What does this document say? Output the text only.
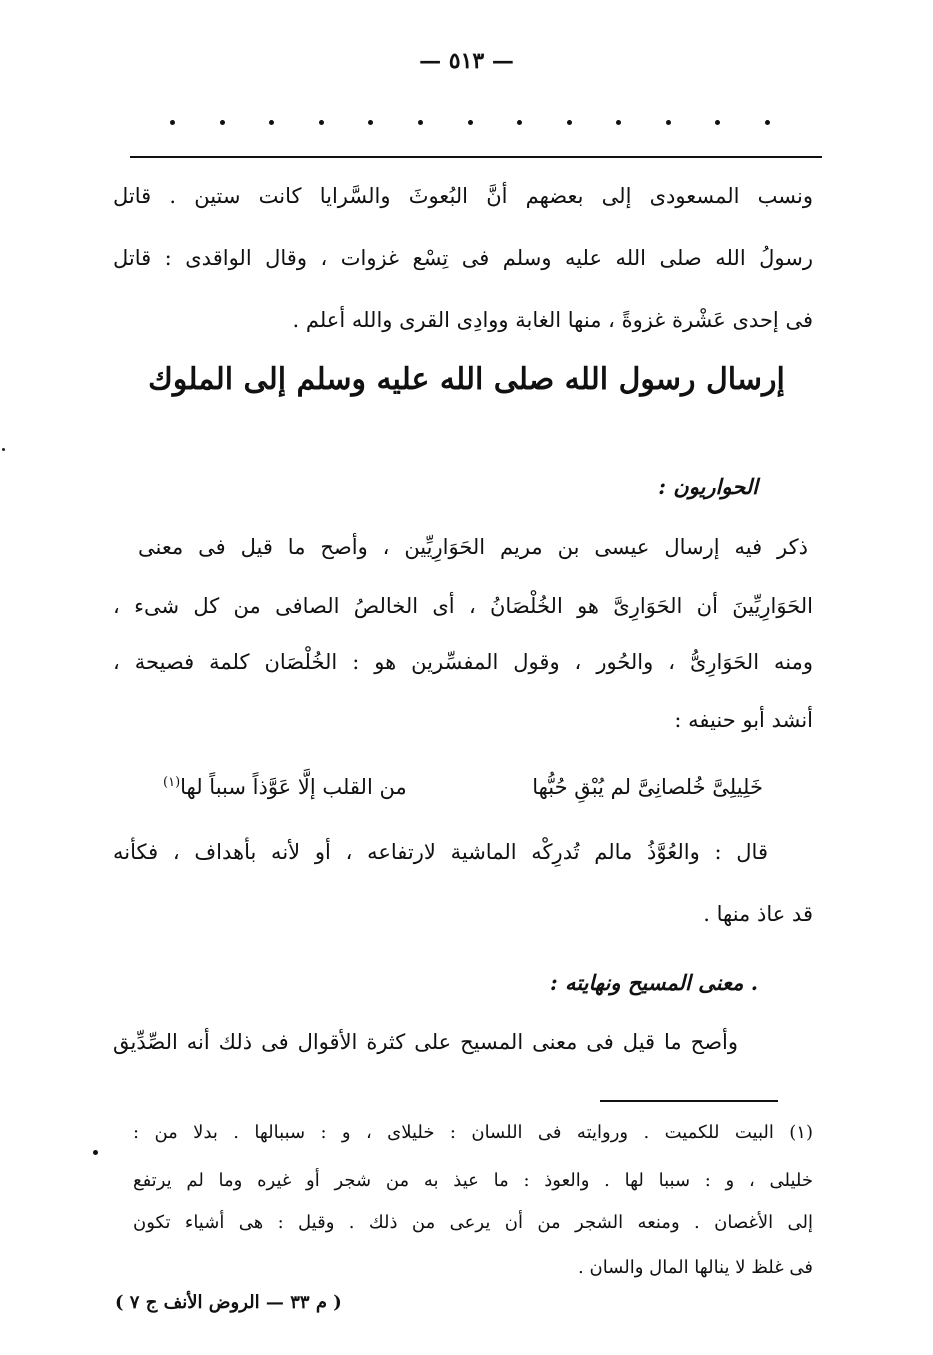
— ٥١٣ —
ونسب المسعودى إلى بعضهم أنَّ البُعوثَ والسَّرايا كانت ستين . قاتل
رسولُ الله صلى الله عليه وسلم فى تِسْع غزوات ، وقال الواقدى : قاتل
فى إحدى عَشْرة غزوةً ، منها الغابة ووادِى القرى والله أعلم .
إرسال رسول الله صلى الله عليه وسلم إلى الملوك
الحواريون :
ذكر فيه إرسال عيسى بن مريم الحَوَارِيِّين ، وأصح ما قيل فى معنى
الحَوَارِيِّينَ أن الحَوَارِىَّ هو الخُلْصَانُ ، أى الخالصُ الصافى من كل شىء ،
ومنه الحَوَارِىُّ ، والحُور ، وقول المفسِّرين هو : الخُلْصَان كلمة فصيحة ،
أنشد أبو حنيفه :
خَلِيلِىَّ خُلصانِىَّ لم يُبْقِ حُبُّها
من القلب إلَّا عَوَّذاً سبباً لها$^{(١)}$
قال : والعُوَّذُ مالم تُدرِكْه الماشية لارتفاعه ، أو لأنه بأهداف ، فكأنه
قد عاذ منها .
. معنى المسيح ونهايته :
وأصح ما قيل فى معنى المسيح على كثرة الأقوال فى ذلك أنه الصِّدِّيق
(١) البيت للكميت . وروايته فى اللسان : خليلاى ، و : سببالها . بدلا من :
خليلى ، و : سببا لها . والعوذ : ما عيذ به من شجر أو غيره وما لم يرتفع
إلى الأغصان . ومنعه الشجر من أن يرعى من ذلك . وقيل : هى أشياء تكون
فى غلظ لا ينالها المال والسان .
( م ٣٣ — الروض الأنف ج ٧ )
